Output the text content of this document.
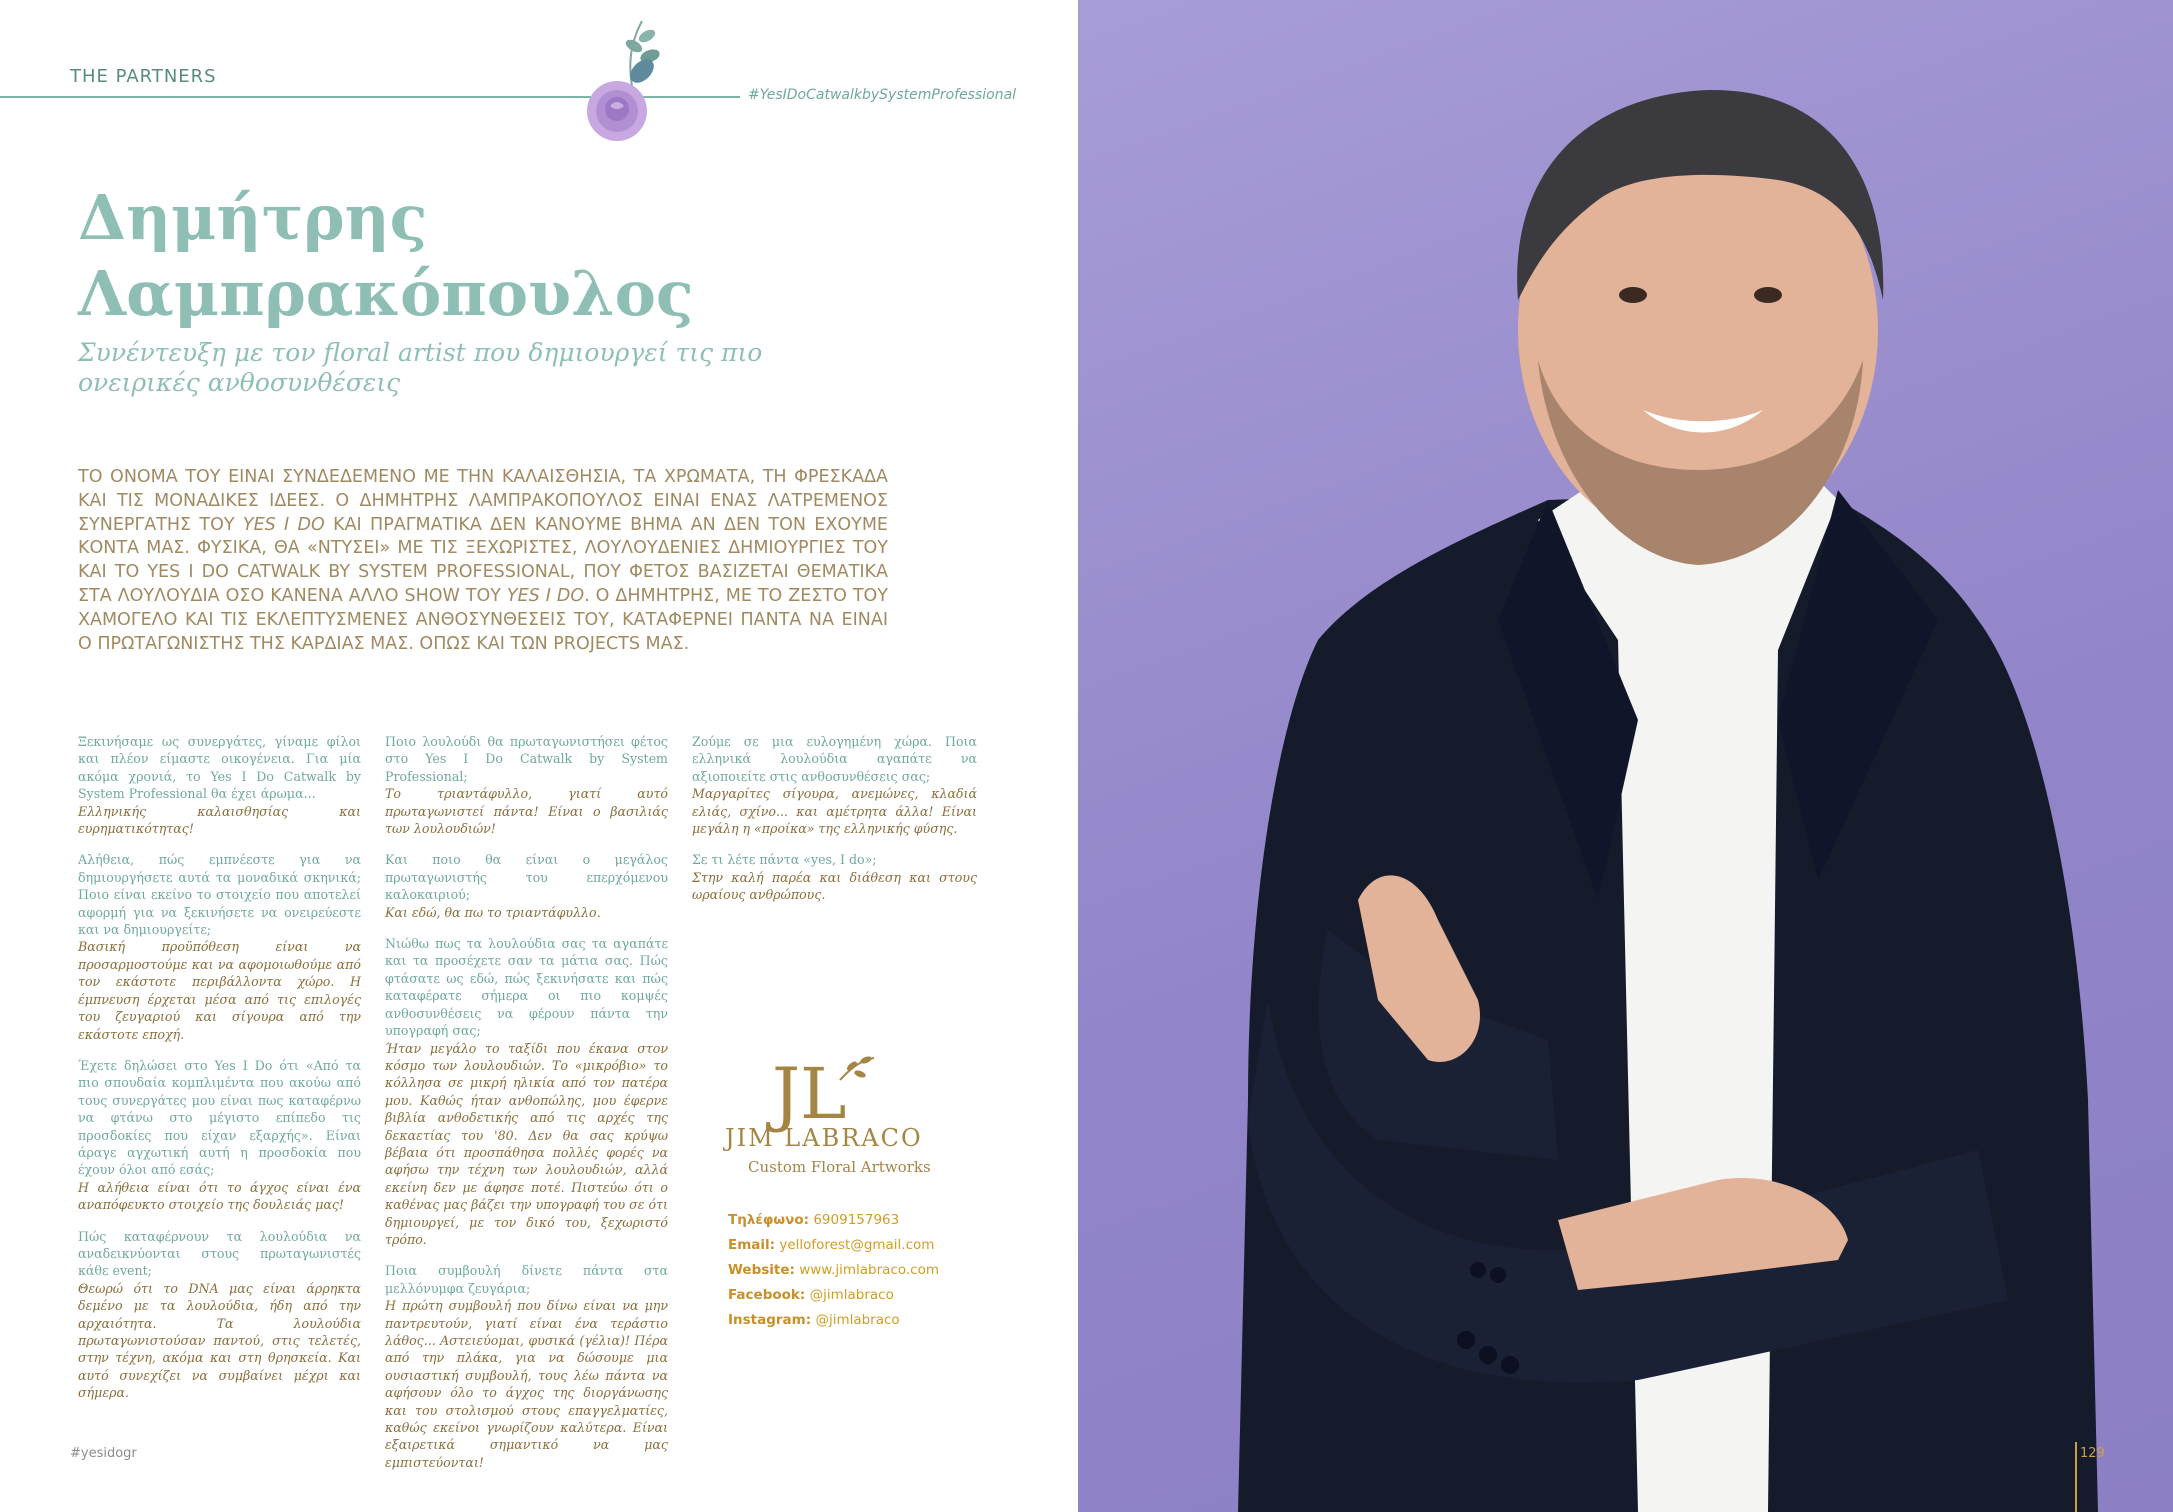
THE PARTNERS
#YesIDoCatwalkbySystemProfessional
Δημήτρης
Λαμπρακόπουλος
Συνέντευξη με τον floral artist που δημιουργεί τις πιο
ονειρικές ανθοσυνθέσεις
ΤΟ ΟΝΟΜΑ ΤΟΥ ΕΙΝΑΙ ΣΥΝΔΕΔΕΜΕΝΟ ΜΕ ΤΗΝ ΚΑΛΑΙΣΘΗΣΙΑ, ΤΑ ΧΡΩΜΑΤΑ, ΤΗ ΦΡΕΣΚΑΔΑ ΚΑΙ ΤΙΣ ΜΟΝΑΔΙΚΕΣ ΙΔΕΕΣ. Ο ΔΗΜΗΤΡΗΣ ΛΑΜΠΡΑΚΟΠΟΥΛΟΣ ΕΙΝΑΙ ΕΝΑΣ ΛΑΤΡΕΜΕΝΟΣ ΣΥΝΕΡΓΑΤΗΣ ΤΟΥ YES I DO ΚΑΙ ΠΡΑΓΜΑΤΙΚΑ ΔΕΝ ΚΑΝΟΥΜΕ ΒΗΜΑ ΑΝ ΔΕΝ ΤΟΝ ΕΧΟΥΜΕ ΚΟΝΤΑ ΜΑΣ. ΦΥΣΙΚΑ, ΘΑ «ΝΤΥΣΕΙ» ΜΕ ΤΙΣ ΞΕΧΩΡΙΣΤΕΣ, ΛΟΥΛΟΥΔΕΝΙΕΣ ΔΗΜΙΟΥΡΓΙΕΣ ΤΟΥ ΚΑΙ ΤΟ YES I DO CATWALK BY SYSTEM PROFESSIONAL, ΠΟΥ ΦΕΤΟΣ ΒΑΣΙΖΕΤΑΙ ΘΕΜΑΤΙΚΑ ΣΤΑ ΛΟΥΛΟΥΔΙΑ ΟΣΟ ΚΑΝΕΝΑ ΑΛΛΟ SHOW ΤΟΥ YES I DO. Ο ΔΗΜΗΤΡΗΣ, ΜΕ ΤΟ ΖΕΣΤΟ ΤΟΥ ΧΑΜΟΓΕΛΟ ΚΑΙ ΤΙΣ ΕΚΛΕΠΤΥΣΜΕΝΕΣ ΑΝΘΟΣΥΝΘΕΣΕΙΣ ΤΟΥ, ΚΑΤΑΦΕΡΝΕΙ ΠΑΝΤΑ ΝΑ ΕΙΝΑΙ Ο ΠΡΩΤΑΓΩΝΙΣΤΗΣ ΤΗΣ ΚΑΡΔΙΑΣ ΜΑΣ. ΟΠΩΣ ΚΑΙ ΤΩΝ PROJECTS ΜΑΣ.

Ξεκινήσαμε ως συνεργάτες, γίναμε φίλοι και πλέον είμαστε οικογένεια. Για μία ακόμα χρονιά, το Yes I Do Catwalk by System Professional θα έχει άρωμα...

Ελληνικής καλαισθησίας και ευρηματικότητας!

Αλήθεια, πώς εμπνέεστε για να δημιουργήσετε αυτά τα μοναδικά σκηνικά; Ποιο είναι εκείνο το στοιχείο που αποτελεί αφορμή για να ξεκινήσετε να ονειρεύεστε και να δημιουργείτε;

Βασική προϋπόθεση είναι να προσαρμοστούμε και να αφομοιωθούμε από τον εκάστοτε περιβάλλοντα χώρο. Η έμπνευση έρχεται μέσα από τις επιλογές του ζευγαριού και σίγουρα από την εκάστοτε εποχή.

Έχετε δηλώσει στο Yes I Do ότι «Από τα πιο σπουδαία κομπλιμέντα που ακούω από τους συνεργάτες μου είναι πως καταφέρνω να φτάνω στο μέγιστο επίπεδο τις προσδοκίες που είχαν εξαρχής». Είναι άραγε αγχωτική αυτή η προσδοκία που έχουν όλοι από εσάς;

Η αλήθεια είναι ότι το άγχος είναι ένα αναπόφευκτο στοιχείο της δουλειάς μας!

Πώς καταφέρνουν τα λουλούδια να αναδεικνύονται στους πρωταγωνιστές κάθε event;

Θεωρώ ότι το DNA μας είναι άρρηκτα δεμένο με τα λουλούδια, ήδη από την αρχαιότητα. Τα λουλούδια πρωταγωνιστούσαν παντού, στις τελετές, στην τέχνη, ακόμα και στη θρησκεία. Και αυτό συνεχίζει να συμβαίνει μέχρι και σήμερα.

Ποιο λουλούδι θα πρωταγωνιστήσει φέτος στο Yes I Do Catwalk by System Professional;

Το τριαντάφυλλο, γιατί αυτό πρωταγωνιστεί πάντα! Είναι ο βασιλιάς των λουλουδιών!

Και ποιο θα είναι ο μεγάλος πρωταγωνιστής του επερχόμενου καλοκαιριού;

Και εδώ, θα πω το τριαντάφυλλο.

Νιώθω πως τα λουλούδια σας τα αγαπάτε και τα προσέχετε σαν τα μάτια σας. Πώς φτάσατε ως εδώ, πώς ξεκινήσατε και πώς καταφέρατε σήμερα οι πιο κομψές ανθοσυνθέσεις να φέρουν πάντα την υπογραφή σας;

Ήταν μεγάλο το ταξίδι που έκανα στον κόσμο των λουλουδιών. Το «μικρόβιο» το κόλλησα σε μικρή ηλικία από τον πατέρα μου. Καθώς ήταν ανθοπώλης, μου έφερνε βιβλία ανθοδετικής από τις αρχές της δεκαετίας του '80. Δεν θα σας κρύψω βέβαια ότι προσπάθησα πολλές φορές να αφήσω την τέχνη των λουλουδιών, αλλά εκείνη δεν με άφησε ποτέ. Πιστεύω ότι ο καθένας μας βάζει την υπογραφή του σε ότι δημιουργεί, με τον δικό του, ξεχωριστό τρόπο.

Ποια συμβουλή δίνετε πάντα στα μελλόνυμφα ζευγάρια;

Η πρώτη συμβουλή που δίνω είναι να μην παντρευτούν, γιατί είναι ένα τεράστιο λάθος... Αστειεύομαι, φυσικά (γέλια)! Πέρα από την πλάκα, για να δώσουμε μια ουσιαστική συμβουλή, τους λέω πάντα να αφήσουν όλο το άγχος της διοργάνωσης και του στολισμού στους επαγγελματίες, καθώς εκείνοι γνωρίζουν καλύτερα. Είναι εξαιρετικά σημαντικό να μας εμπιστεύονται!

Ζούμε σε μια ευλογημένη χώρα. Ποια ελληνικά λουλούδια αγαπάτε να αξιοποιείτε στις ανθοσυνθέσεις σας;

Μαργαρίτες σίγουρα, ανεμώνες, κλαδιά ελιάς, σχίνο... και αμέτρητα άλλα! Είναι μεγάλη η «προίκα» της ελληνικής φύσης.

Σε τι λέτε πάντα «yes, I do»;

Στην καλή παρέα και διάθεση και στους ωραίους ανθρώπους.

JL
JIM LABRACO
Custom Floral Artworks
Τηλέφωνο: 6909157963
Email: yelloforest@gmail.com
Website: www.jimlabraco.com
Facebook: @jimlabraco
Instagram: @jimlabraco
#yesidogr	129
